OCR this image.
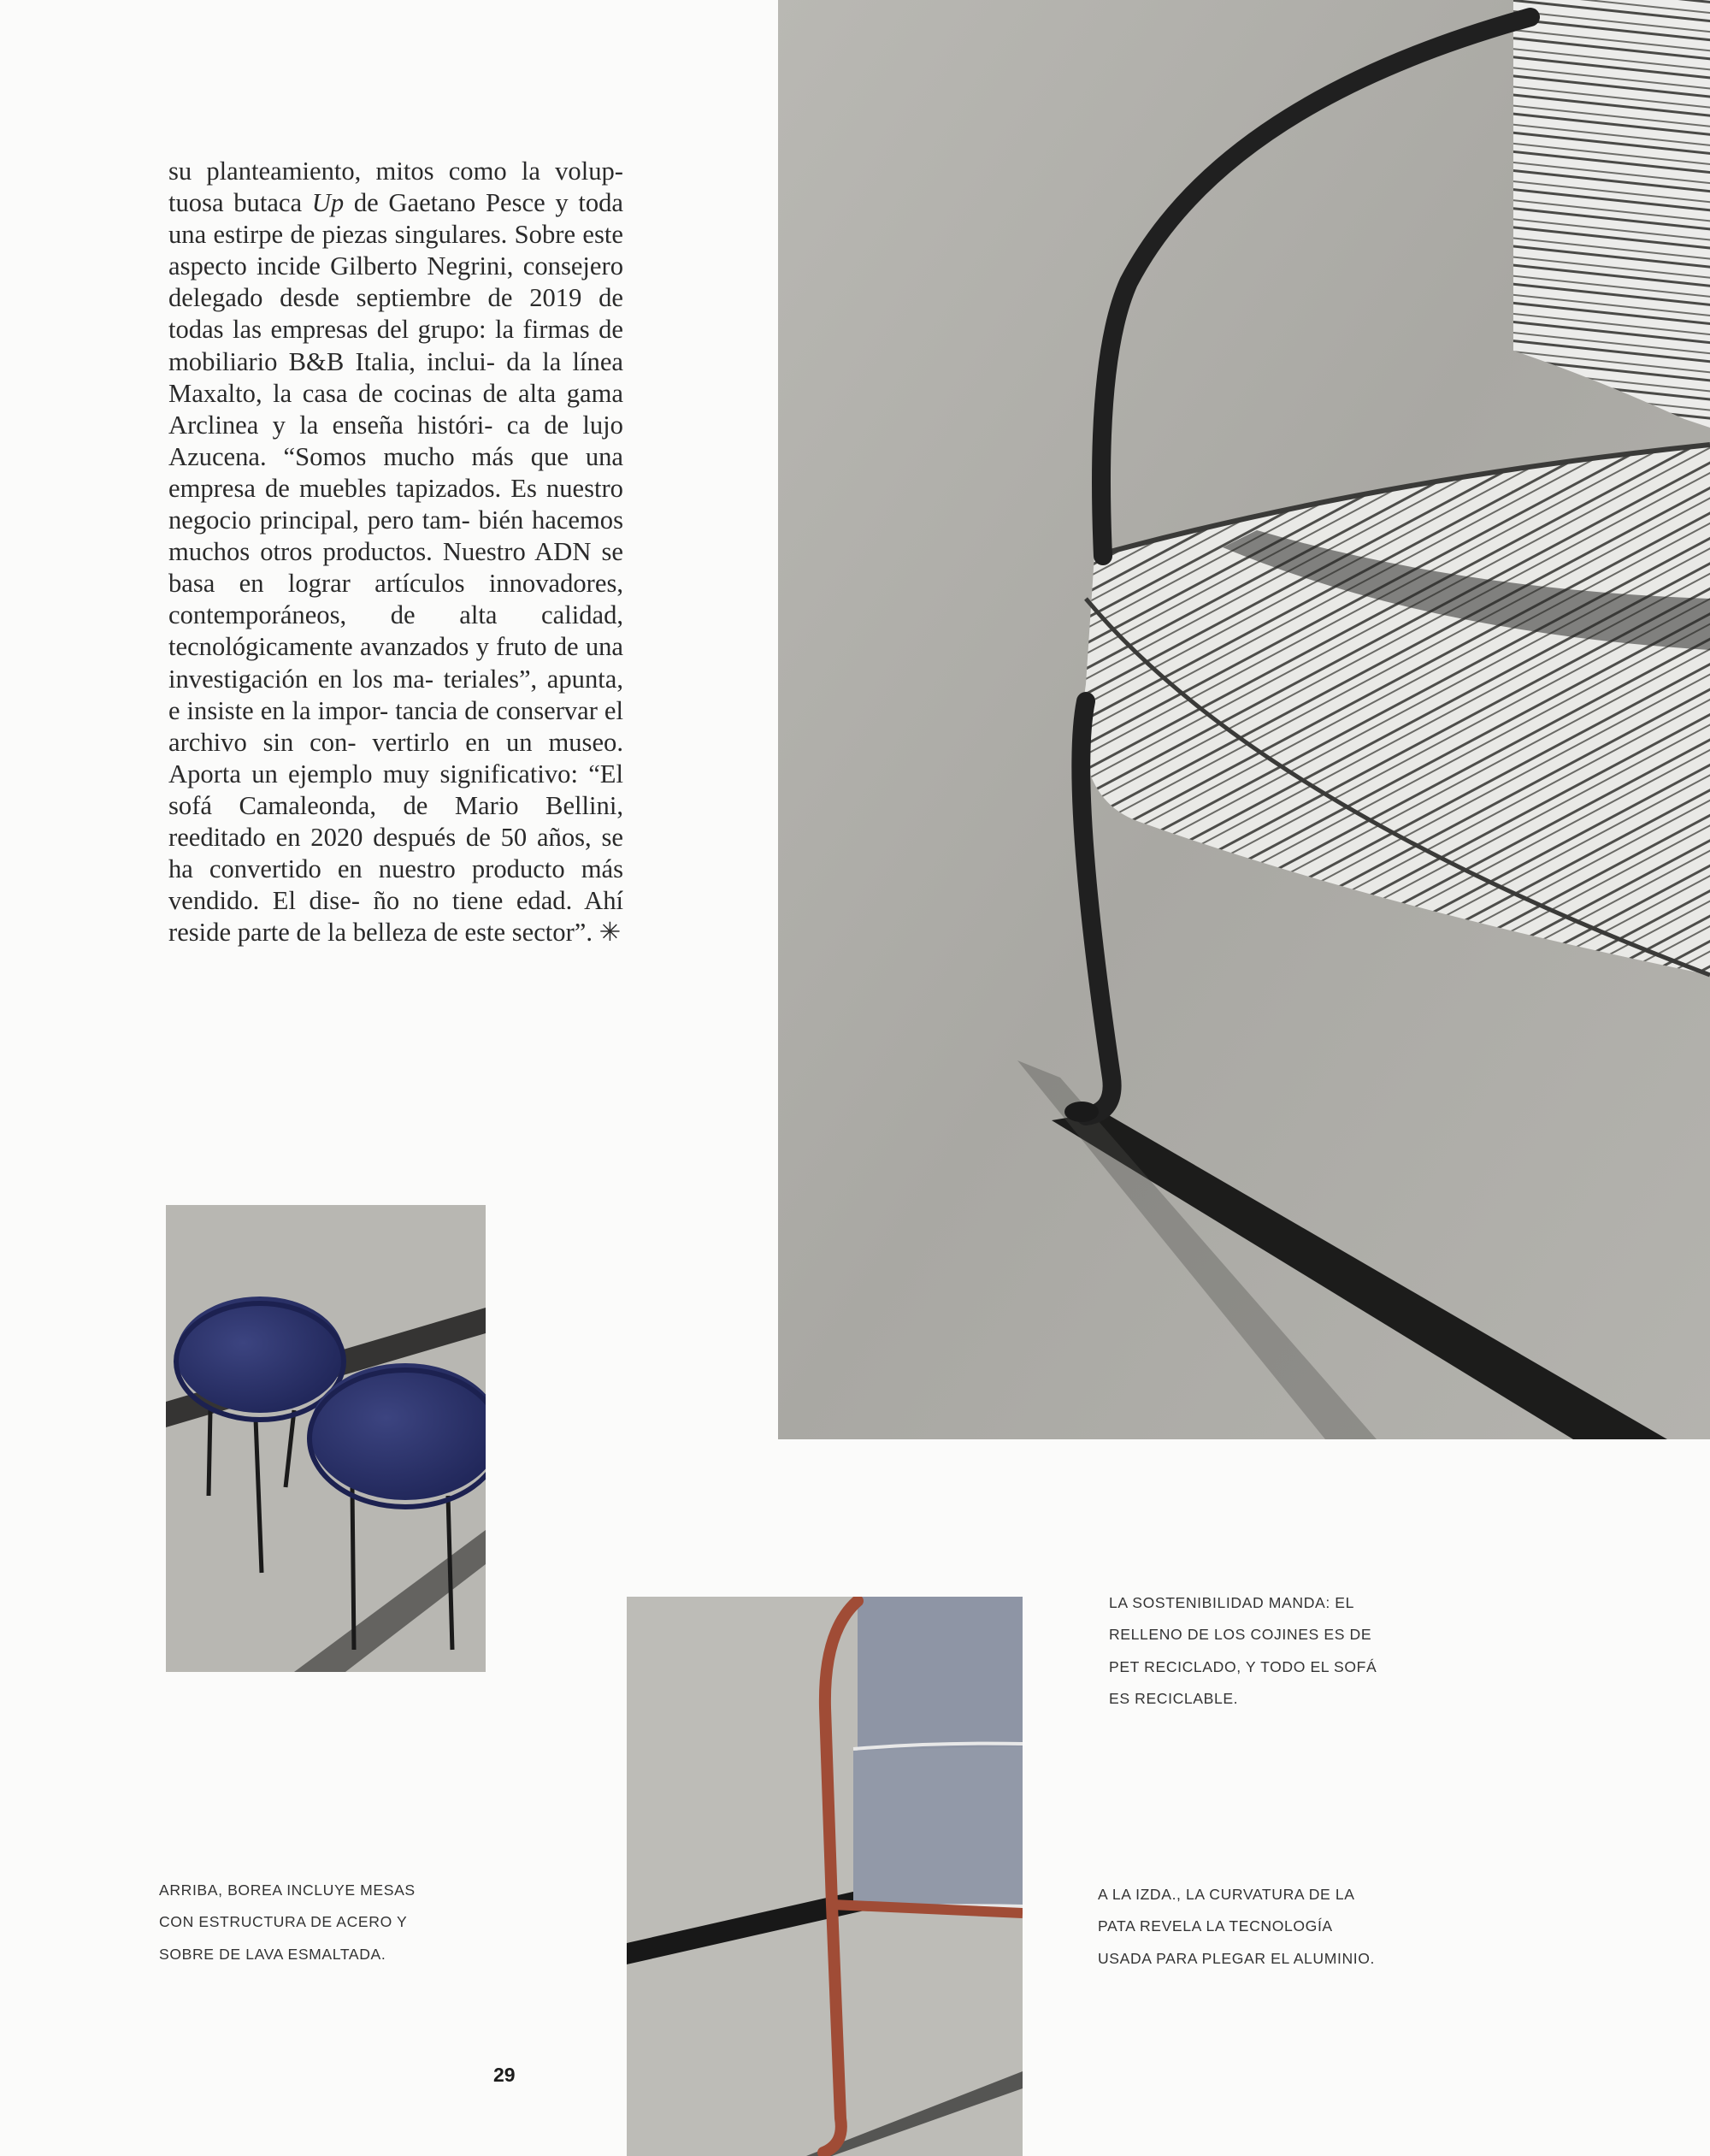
su planteamiento, mitos como la volup- tuosa butaca Up de Gaetano Pesce y toda una estirpe de piezas singulares. Sobre este aspecto incide Gilberto Negrini, consejero delegado desde septiembre de 2019 de todas las empresas del grupo: la firmas de mobiliario B&B Italia, inclui- da la línea Maxalto, la casa de cocinas de alta gama Arclinea y la enseña históri- ca de lujo Azucena. “Somos mucho más que una empresa de muebles tapizados. Es nuestro negocio principal, pero tam- bién hacemos muchos otros productos. Nuestro ADN se basa en lograr artículos innovadores, contemporáneos, de alta calidad, tecnológicamente avanzados y fruto de una investigación en los ma- teriales”, apunta, e insiste en la impor- tancia de conservar el archivo sin con- vertirlo en un museo. Aporta un ejemplo muy significativo: “El sofá Camaleonda, de Mario Bellini, reeditado en 2020 después de 50 años, se ha convertido en nuestro producto más vendido. El dise- ño no tiene edad. Ahí reside parte de la belleza de este sector”. ✳

LA SOSTENIBILIDAD MANDA: EL
RELLENO DE LOS COJINES ES DE
PET RECICLADO, Y TODO EL SOFÁ
ES RECICLABLE.
ARRIBA, BOREA INCLUYE MESAS
CON ESTRUCTURA DE ACERO Y
SOBRE DE LAVA ESMALTADA.
A LA IZDA., LA CURVATURA DE LA
PATA REVELA LA TECNOLOGÍA
USADA PARA PLEGAR EL ALUMINIO.
29
